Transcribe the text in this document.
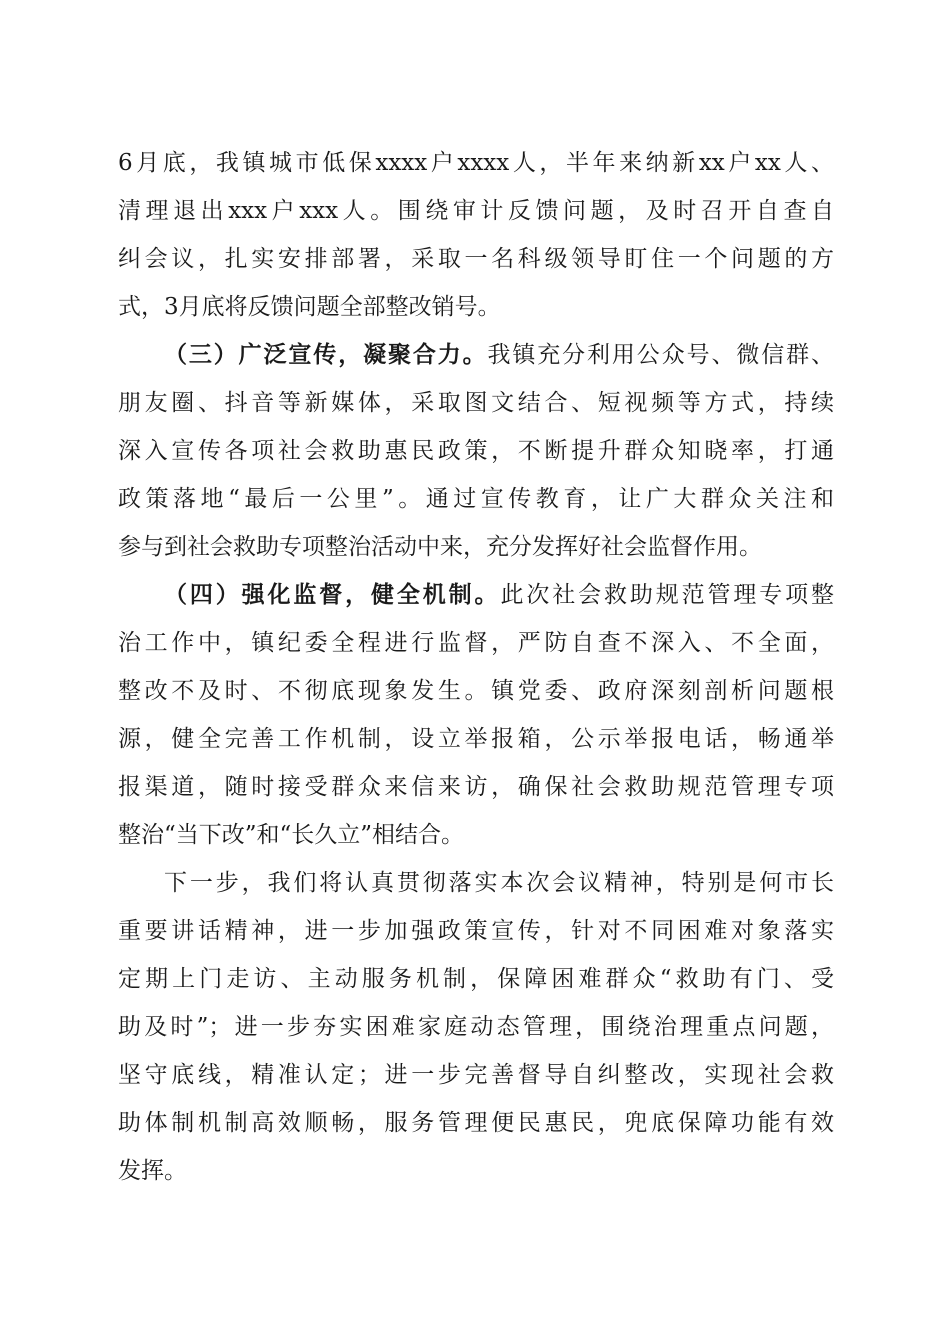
6月底，我镇城市低保xxxx户xxxx人，半年来纳新xx户xx人、
清理退出xxx户xxx人。围绕审计反馈问题，及时召开自查自
纠会议，扎实安排部署，采取一名科级领导盯住一个问题的方
式，3月底将反馈问题全部整改销号。
（三）广泛宣传，凝聚合力。我镇充分利用公众号、微信群、
朋友圈、抖音等新媒体，采取图文结合、短视频等方式，持续
深入宣传各项社会救助惠民政策，不断提升群众知晓率，打通
政策落地“最后一公里”。通过宣传教育，让广大群众关注和
参与到社会救助专项整治活动中来，充分发挥好社会监督作用。
（四）强化监督，健全机制。此次社会救助规范管理专项整
治工作中，镇纪委全程进行监督，严防自查不深入、不全面，
整改不及时、不彻底现象发生。镇党委、政府深刻剖析问题根
源，健全完善工作机制，设立举报箱，公示举报电话，畅通举
报渠道，随时接受群众来信来访，确保社会救助规范管理专项
整治“当下改”和“长久立”相结合。
下一步，我们将认真贯彻落实本次会议精神，特别是何市长
重要讲话精神，进一步加强政策宣传，针对不同困难对象落实
定期上门走访、主动服务机制，保障困难群众“救助有门、受
助及时”；进一步夯实困难家庭动态管理，围绕治理重点问题，
坚守底线，精准认定；进一步完善督导自纠整改，实现社会救
助体制机制高效顺畅，服务管理便民惠民，兜底保障功能有效
发挥。
